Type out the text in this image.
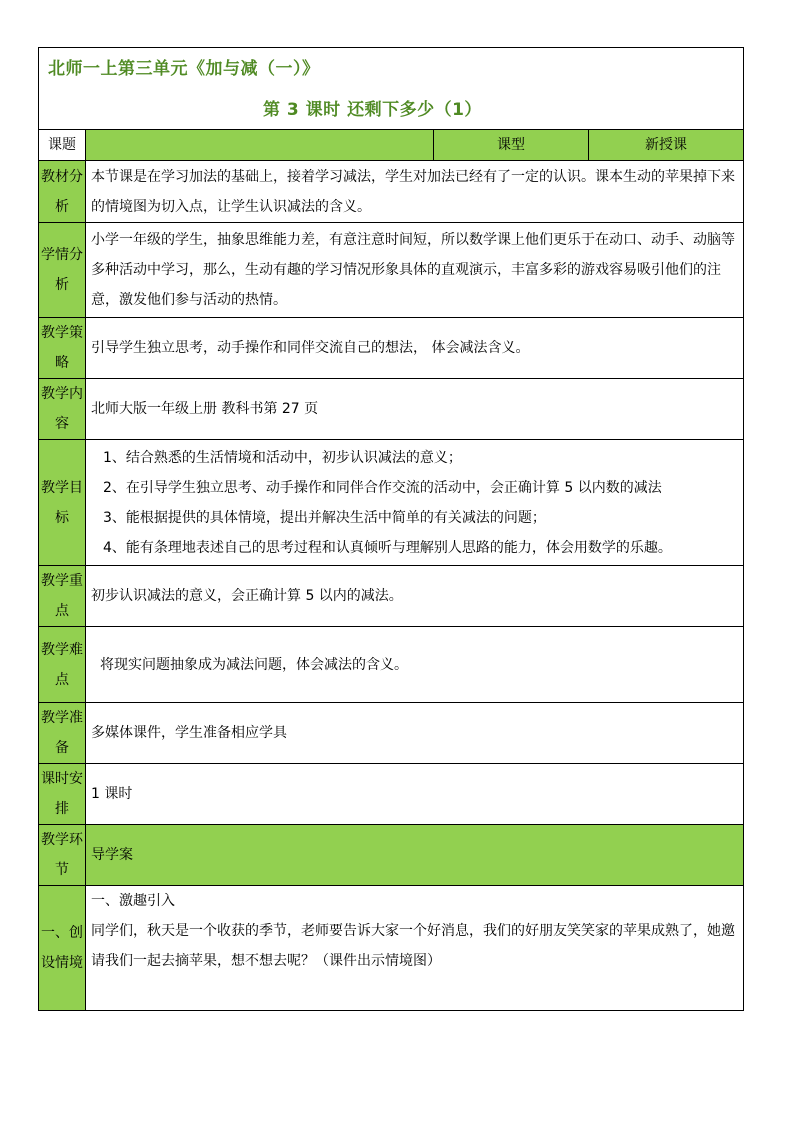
北师一上第三单元《加与减（一）》
第 3 课时 还剩下多少（1）			

课题		课型	新授课
教材分析	本节课是在学习加法的基础上，接着学习减法，学生对加法已经有了一定的认识。课本生动的苹果掉下来的情境图为切入点，让学生认识减法的含义。		
学情分析	小学一年级的学生，抽象思维能力差，有意注意时间短，所以数学课上他们更乐于在动口、动手、动脑等多种活动中学习，那么，生动有趣的学习情况形象具体的直观演示，丰富多彩的游戏容易吸引他们的注意，激发他们参与活动的热情。		
教学策略	引导学生独立思考，动手操作和同伴交流自己的想法， 体会减法含义。		
教学内容	北师大版一年级上册 教科书第 27 页		
教学目标	1、结合熟悉的生活情境和活动中，初步认识减法的意义；
2、在引导学生独立思考、动手操作和同伴合作交流的活动中，会正确计算 5 以内数的减法
3、能根据提供的具体情境，提出并解决生活中简单的有关减法的问题；
4、能有条理地表述自己的思考过程和认真倾听与理解别人思路的能力，体会用数学的乐趣。		

教学重点	初步认识减法的意义，会正确计算 5 以内的减法。		
教学难点	将现实问题抽象成为减法问题，体会减法的含义。		
教学准备	多媒体课件，学生准备相应学具		
课时安排	1 课时		
教学环节	导学案		
一、创设情境	一、激趣引入
同学们，秋天是一个收获的季节，老师要告诉大家一个好消息，我们的好朋友笑笑家的苹果成熟了，她邀请我们一起去摘苹果，想不想去呢？（课件出示情境图）		
